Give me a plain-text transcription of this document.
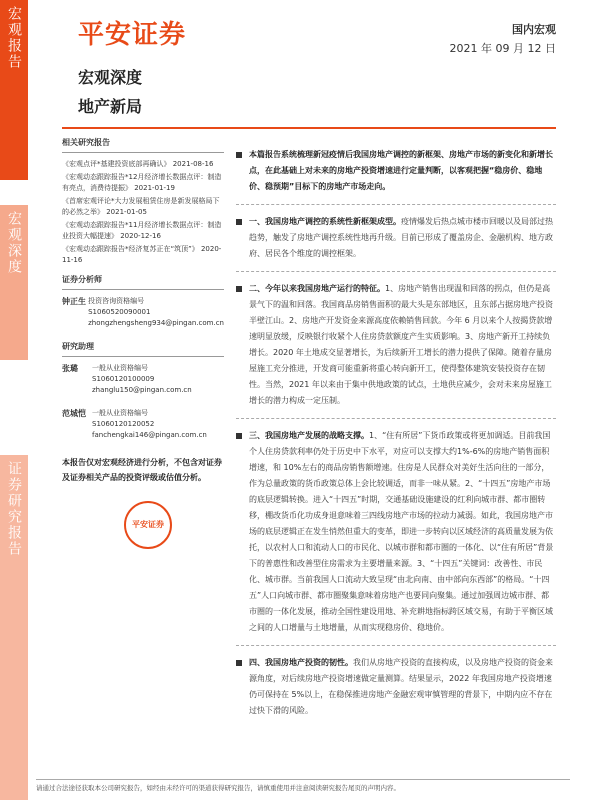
宏观报告
宏观深度
证券研究报告
平安证券	国内宏观
2021 年 09 月 12 日
宏观深度
地产新局
相关研究报告
《宏观点评*基建投资底部再确认》 2021-08-16
《宏观动态跟踪报告*12月经济增长数据点评：制造有亮点，消费待提振》 2021-01-19
《首席宏观评论*大力发展租赁住房是新发展格局下的必然之举》 2021-01-05
《宏观动态跟踪报告*11月经济增长数据点评：制造业投资大幅提速》 2020-12-16
《宏观动态跟踪报告*经济复苏正在“筑顶”》 2020-11-16
证券分析师
钟正生 投资咨询资格编号
S1060520090001
zhongzhengsheng934@pingan.com.cn
研究助理
张璐	一般从业资格编号
S1060120100009
zhanglu150@pingan.com.cn
范城恺 一般从业资格编号
S1060120120052
fanchengkai146@pingan.com.cn
本报告仅对宏观经济进行分析，不包含对证券及证券相关产品的投资评级或估值分析。
平安证券
本篇报告系统梳理新冠疫情后我国房地产调控的新框架、房地产市场的新变化和新增长点，在此基础上对未来的房地产投资增速进行定量判断，以客观把握“稳房价、稳地价、稳预期”目标下的房地产市场走向。
一、我国房地产调控的系统性新框架成型。疫情爆发后热点城市楼市回暖以及局部过热趋势，触发了房地产调控系统性地再升级。目前已形成了覆盖房企、金融机构、地方政府、居民各个维度的调控框架。
二、今年以来我国房地产运行的特征。1、房地产销售出现温和回落的拐点，但仍是高景气下的温和回落。我国商品房销售面积的最大头是东部地区，且东部占据房地产投资半壁江山。2、房地产开发资金来源高度依赖销售回款。今年 6 月以来个人按揭贷款增速明显放缓，反映银行收紧个人住房贷款额度产生实质影响。3、房地产新开工持续负增长。2020 年土地成交显著增长，为后续新开工增长的潜力提供了保障。随着存量房屋施工充分推进，开发商可能重新将重心转向新开工，使得整体建筑安装投资存在韧性。当然，2021 年以来由于集中供地政策的试点，土地供应减少，会对未来房屋施工增长的潜力构成一定压制。
三、我国房地产发展的战略支撑。1、“住有所居”下货币政策或将更加调适。目前我国个人住房贷款利率仍处于历史中下水平，对应可以支撑大约1%-6%的房地产销售面积增速，和 10%左右的商品房销售额增速。住房是人民群众对美好生活向往的一部分，作为总量政策的货币政策总体上会比较调适，而非一味从紧。2、“十四五”房地产市场的底层逻辑转换。进入“十四五”时期，交通基础设施建设的红利向城市群、都市圈转移，棚改货币化功成身退意味着三四线房地产市场的拉动力减弱。如此，我国房地产市场的底层逻辑正在发生悄然但重大的变革，即进一步转向以区域经济的高质量发展为依托，以农村人口和流动人口的市民化、以城市群和都市圈的一体化、以“住有所居”背景下的普惠性和改善型住房需求为主要增量来源。3、“十四五”关键词：改善性、市民化、城市群。当前我国人口流动大致呈现“由北向南、由中部向东西部”的格局。“十四五”人口向城市群、都市圈聚集意味着房地产也要同向聚集。通过加强周边城市群、都市圈的一体化发展，推动全国性建设用地、补充耕地指标跨区域交易，有助于平衡区域之间的人口增量与土地增量，从而实现稳房价、稳地价。
四、我国房地产投资的韧性。我们从房地产投资的直接构成，以及房地产投资的资金来源角度，对后续房地产投资增速做定量测算。结果显示，2022 年我国房地产投资增速仍可保持在 5%以上，在稳保推进房地产金融宏观审慎管理的背景下，中期内应不存在过快下滑的风险。
请通过合法途径获取本公司研究报告，如经由未经许可的渠道获得研究报告，请慎重使用并注意阅读研究报告尾页的声明内容。
